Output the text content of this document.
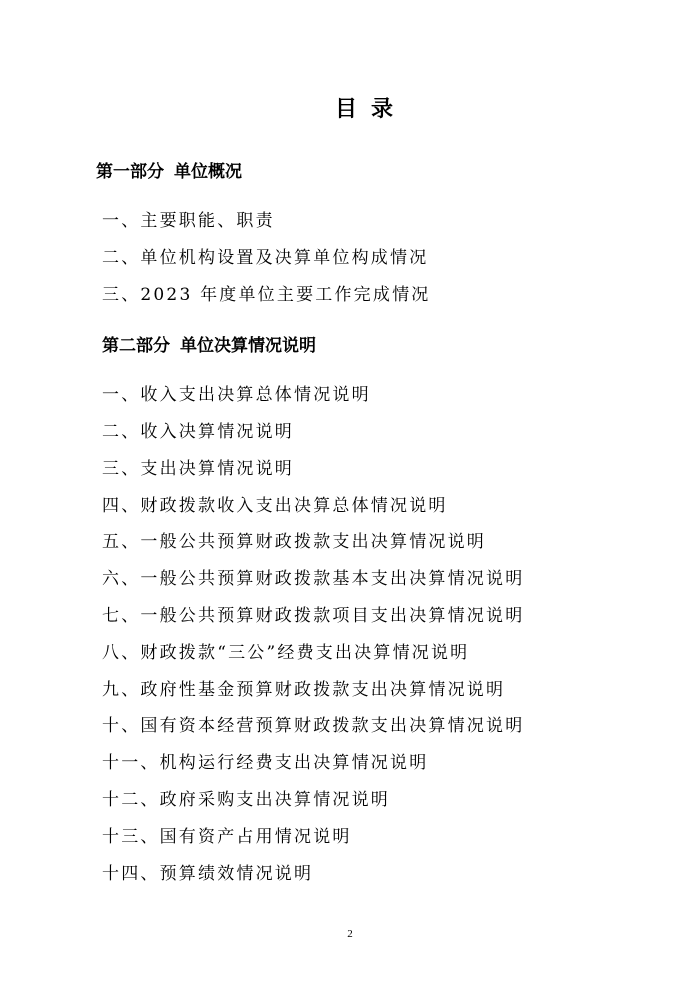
目录
第一部分 单位概况
一、主要职能、职责
二、单位机构设置及决算单位构成情况
三、2023 年度单位主要工作完成情况
第二部分 单位决算情况说明
一、收入支出决算总体情况说明
二、收入决算情况说明
三、支出决算情况说明
四、财政拨款收入支出决算总体情况说明
五、一般公共预算财政拨款支出决算情况说明
六、一般公共预算财政拨款基本支出决算情况说明
七、一般公共预算财政拨款项目支出决算情况说明
八、财政拨款“三公”经费支出决算情况说明
九、政府性基金预算财政拨款支出决算情况说明
十、国有资本经营预算财政拨款支出决算情况说明
十一、机构运行经费支出决算情况说明
十二、政府采购支出决算情况说明
十三、国有资产占用情况说明
十四、预算绩效情况说明
2
